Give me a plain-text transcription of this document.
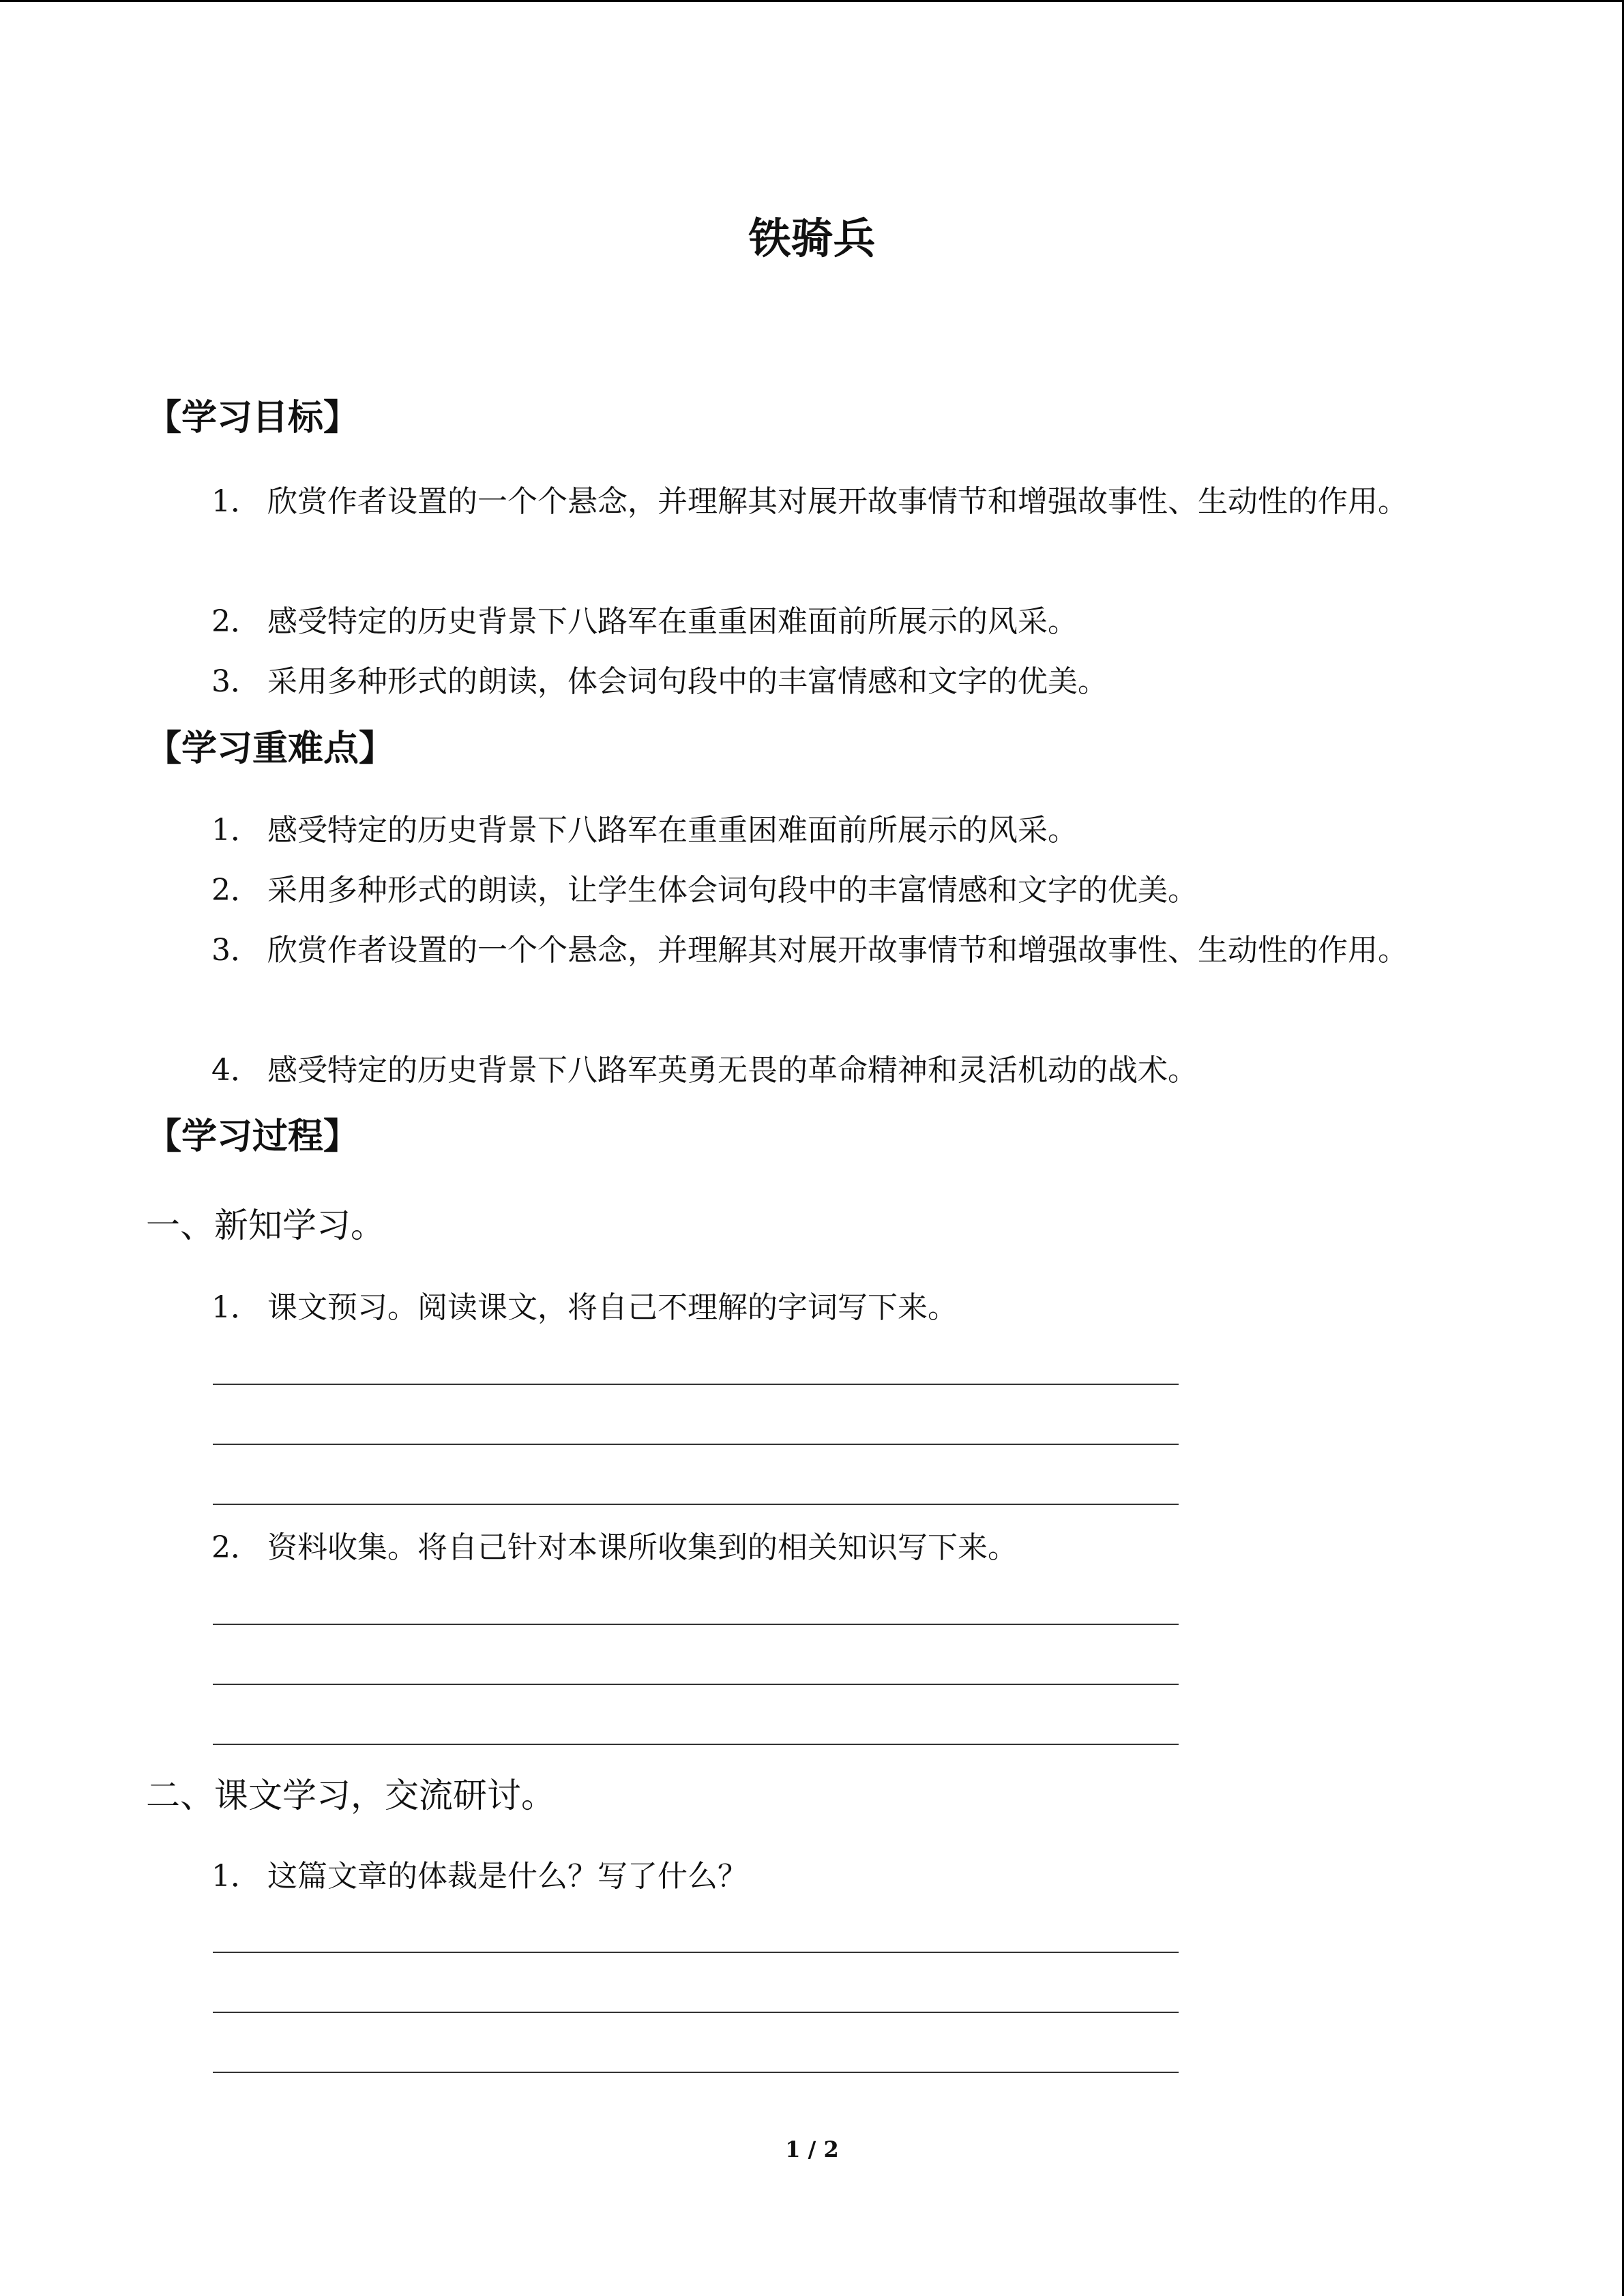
铁骑兵
【学习目标】

1． 欣赏作者设置的一个个悬念，并理解其对展开故事情节和增强故事性、生动性的作用。

2． 感受特定的历史背景下八路军在重重困难面前所展示的风采。

3． 采用多种形式的朗读，体会词句段中的丰富情感和文字的优美。

【学习重难点】

1． 感受特定的历史背景下八路军在重重困难面前所展示的风采。

2． 采用多种形式的朗读，让学生体会词句段中的丰富情感和文字的优美。

3． 欣赏作者设置的一个个悬念，并理解其对展开故事情节和增强故事性、生动性的作用。

4． 感受特定的历史背景下八路军英勇无畏的革命精神和灵活机动的战术。

【学习过程】
一、新知学习。

1． 课文预习。阅读课文，将自己不理解的字词写下来。

2． 资料收集。将自己针对本课所收集到的相关知识写下来。

二、课文学习，交流研讨。

1． 这篇文章的体裁是什么？写了什么？

1 / 2
